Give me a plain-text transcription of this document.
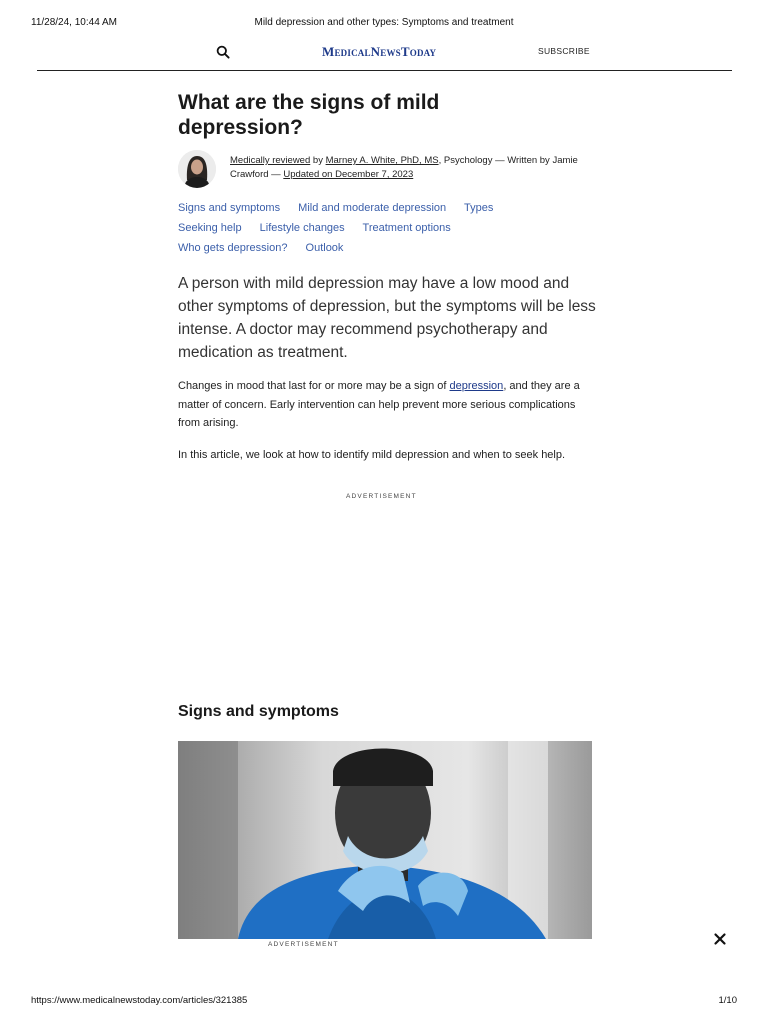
11/28/24, 10:44 AM	Mild depression and other types: Symptoms and treatment
MedicalNewsToday	SUBSCRIBE
What are the signs of mild depression?
Medically reviewed by Marney A. White, PhD, MS, Psychology — Written by Jamie Crawford — Updated on December 7, 2023
Signs and symptoms Mild and moderate depression Types
Seeking help Lifestyle changes Treatment options
Who gets depression? Outlook

A person with mild depression may have a low mood and other symptoms of depression, but the symptoms will be less intense. A doctor may recommend psychotherapy and medication as treatment.

Changes in mood that last for or more may be a sign of depression, and they are a matter of concern. Early intervention can help prevent more serious complications from arising.

In this article, we look at how to identify mild depression and when to seek help.

ADVERTISEMENT
Signs and symptoms
ADVERTISEMENT
https://www.medicalnewstoday.com/articles/321385	1/10
